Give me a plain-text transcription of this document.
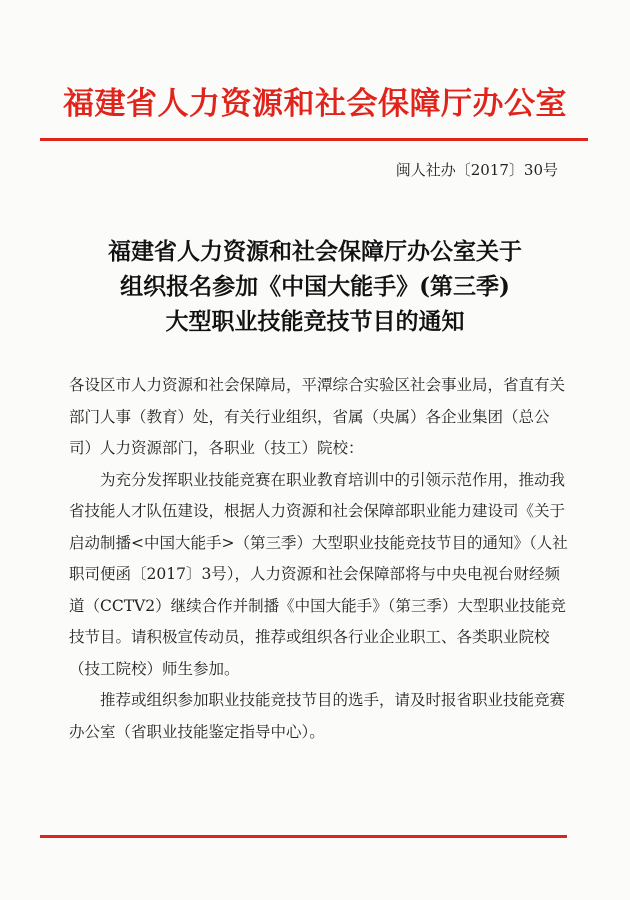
福建省人力资源和社会保障厅办公室
闽人社办〔2017〕30号
福建省人力资源和社会保障厅办公室关于
组织报名参加《中国大能手》(第三季)
大型职业技能竞技节目的通知

各设区市人力资源和社会保障局，平潭综合实验区社会事业局，省直有关部门人事（教育）处，有关行业组织，省属（央属）各企业集团（总公司）人力资源部门，各职业（技工）院校：

为充分发挥职业技能竞赛在职业教育培训中的引领示范作用，推动我省技能人才队伍建设，根据人力资源和社会保障部职业能力建设司《关于启动制播<中国大能手>（第三季）大型职业技能竞技节目的通知》（人社职司便函〔2017〕3号），人力资源和社会保障部将与中央电视台财经频道（CCTV2）继续合作并制播《中国大能手》（第三季）大型职业技能竞技节目。请积极宣传动员，推荐或组织各行业企业职工、各类职业院校（技工院校）师生参加。

推荐或组织参加职业技能竞技节目的选手，请及时报省职业技能竞赛办公室（省职业技能鉴定指导中心）。
